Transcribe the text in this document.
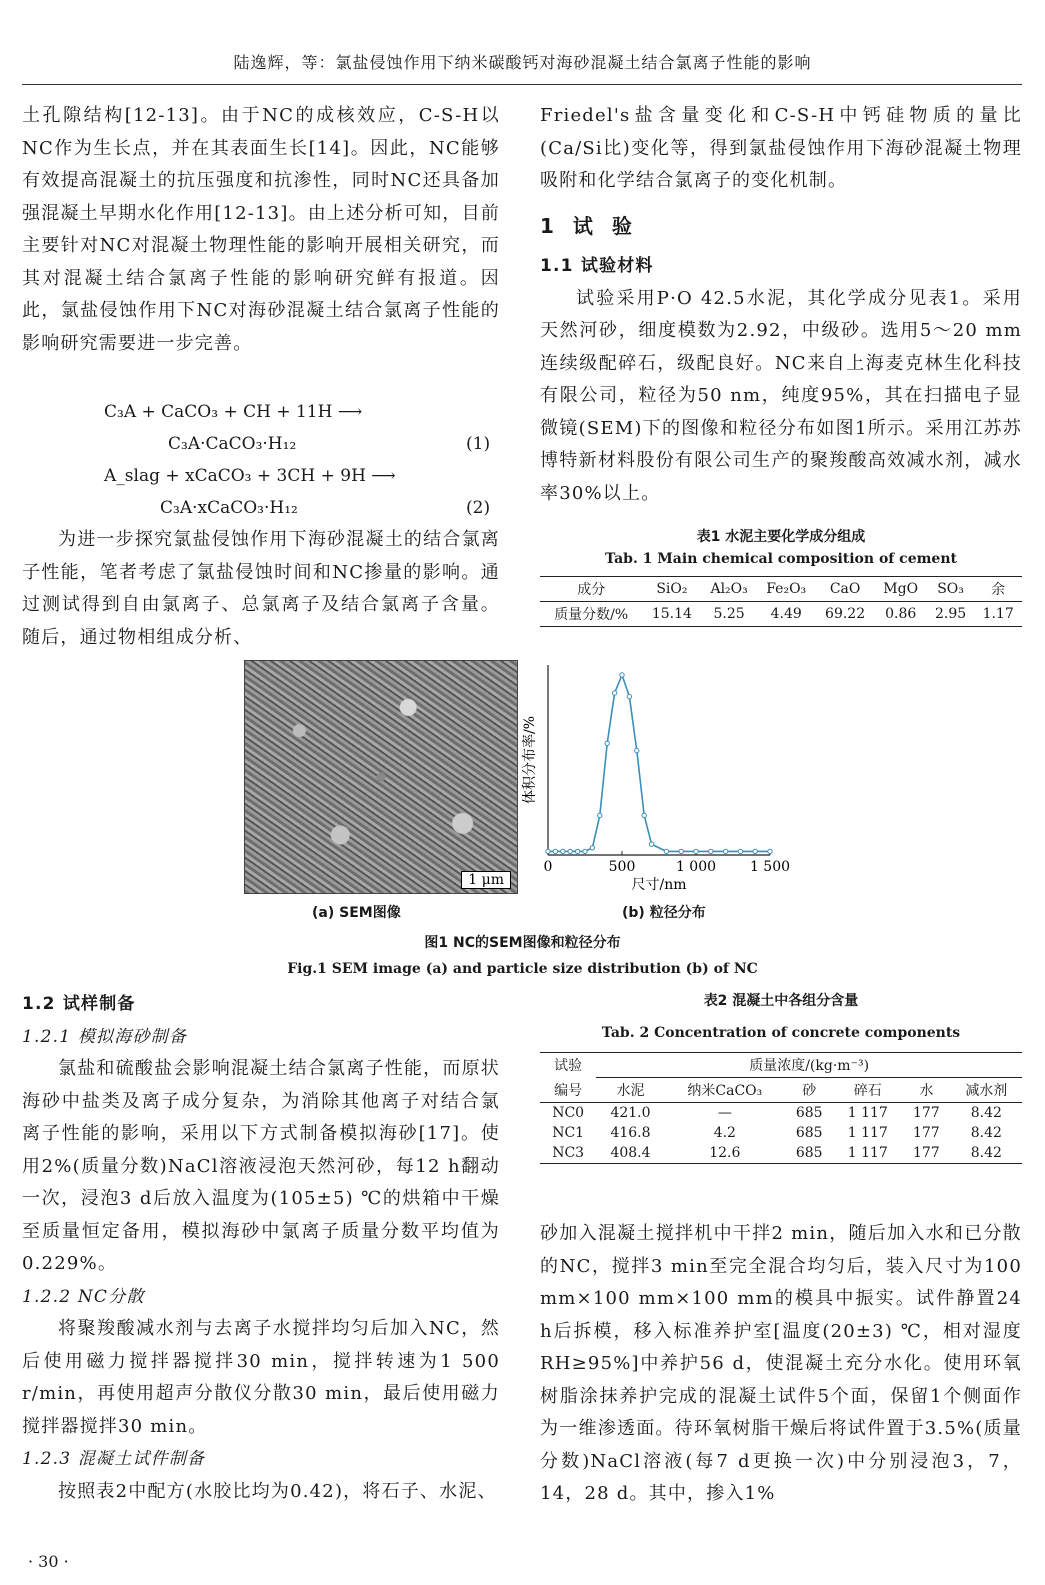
陆逸辉，等：氯盐侵蚀作用下纳米碳酸钙对海砂混凝土结合氯离子性能的影响

土孔隙结构[12-13]。由于NC的成核效应，C-S-H以NC作为生长点，并在其表面生长[14]。因此，NC能够有效提高混凝土的抗压强度和抗渗性，同时NC还具备加强混凝土早期水化作用[12-13]。由上述分析可知，目前主要针对NC对混凝土物理性能的影响开展相关研究，而其对混凝土结合氯离子性能的影响研究鲜有报道。因此，氯盐侵蚀作用下NC对海砂混凝土结合氯离子性能的影响研究需要进一步完善。

C₃A + CaCO₃ + CH + 11H ⟶
C₃A·CaCO₃·H₁₂	(1)
A_slag + xCaCO₃ + 3CH + 9H ⟶
C₃A·xCaCO₃·H₁₂	(2)

为进一步探究氯盐侵蚀作用下海砂混凝土的结合氯离子性能，笔者考虑了氯盐侵蚀时间和NC掺量的影响。通过测试得到自由氯离子、总氯离子及结合氯离子含量。随后，通过物相组成分析、

Friedel's盐含量变化和C-S-H中钙硅物质的量比(Ca/Si比)变化等，得到氯盐侵蚀作用下海砂混凝土物理吸附和化学结合氯离子的变化机制。

1 试 验
1.1 试验材料

试验采用P·O 42.5水泥，其化学成分见表1。采用天然河砂，细度模数为2.92，中级砂。选用5～20 mm连续级配碎石，级配良好。NC来自上海麦克林生化科技有限公司，粒径为50 nm，纯度95%，其在扫描电子显微镜(SEM)下的图像和粒径分布如图1所示。采用江苏苏博特新材料股份有限公司生产的聚羧酸高效减水剂，减水率30%以上。

表1 水泥主要化学成分组成
Tab. 1 Main chemical composition of cement
成分	SiO₂	Al₂O₃	Fe₂O₃	CaO	MgO	SO₃	余
质量分数/%	15.14	5.25	4.49	69.22	0.86	2.95	1.17
1 μm
0	500	1 000 1 500
尺寸/nm
体积分布率/%
(a) SEM图像	(b) 粒径分布
图1 NC的SEM图像和粒径分布
Fig.1 SEM image (a) and particle size distribution (b) of NC
1.2 试样制备
1.2.1 模拟海砂制备

氯盐和硫酸盐会影响混凝土结合氯离子性能，而原状海砂中盐类及离子成分复杂，为消除其他离子对结合氯离子性能的影响，采用以下方式制备模拟海砂[17]。使用2%(质量分数)NaCl溶液浸泡天然河砂，每12 h翻动一次，浸泡3 d后放入温度为(105±5) ℃的烘箱中干燥至质量恒定备用，模拟海砂中氯离子质量分数平均值为0.229%。

1.2.2 NC分散

将聚羧酸减水剂与去离子水搅拌均匀后加入NC，然后使用磁力搅拌器搅拌30 min，搅拌转速为1 500 r/min，再使用超声分散仪分散30 min，最后使用磁力搅拌器搅拌30 min。

1.2.3 混凝土试件制备

按照表2中配方(水胶比均为0.42)，将石子、水泥、

表2 混凝土中各组分含量
Tab. 2 Concentration of concrete components
试验	质量浓度/(kg·m⁻³)					
编号	水泥	纳米CaCO₃	砂	碎石	水	减水剂
NC0	421.0	—	685	1 117	177	8.42
NC1	416.8	4.2	685	1 117	177	8.42
NC3	408.4	12.6	685	1 117	177	8.42

砂加入混凝土搅拌机中干拌2 min，随后加入水和已分散的NC，搅拌3 min至完全混合均匀后，装入尺寸为100 mm×100 mm×100 mm的模具中振实。试件静置24 h后拆模，移入标准养护室[温度(20±3) ℃，相对湿度RH≥95%]中养护56 d，使混凝土充分水化。使用环氧树脂涂抹养护完成的混凝土试件5个面，保留1个侧面作为一维渗透面。待环氧树脂干燥后将试件置于3.5%(质量分数)NaCl溶液(每7 d更换一次)中分别浸泡3，7，14，28 d。其中，掺入1%

· 30 ·
